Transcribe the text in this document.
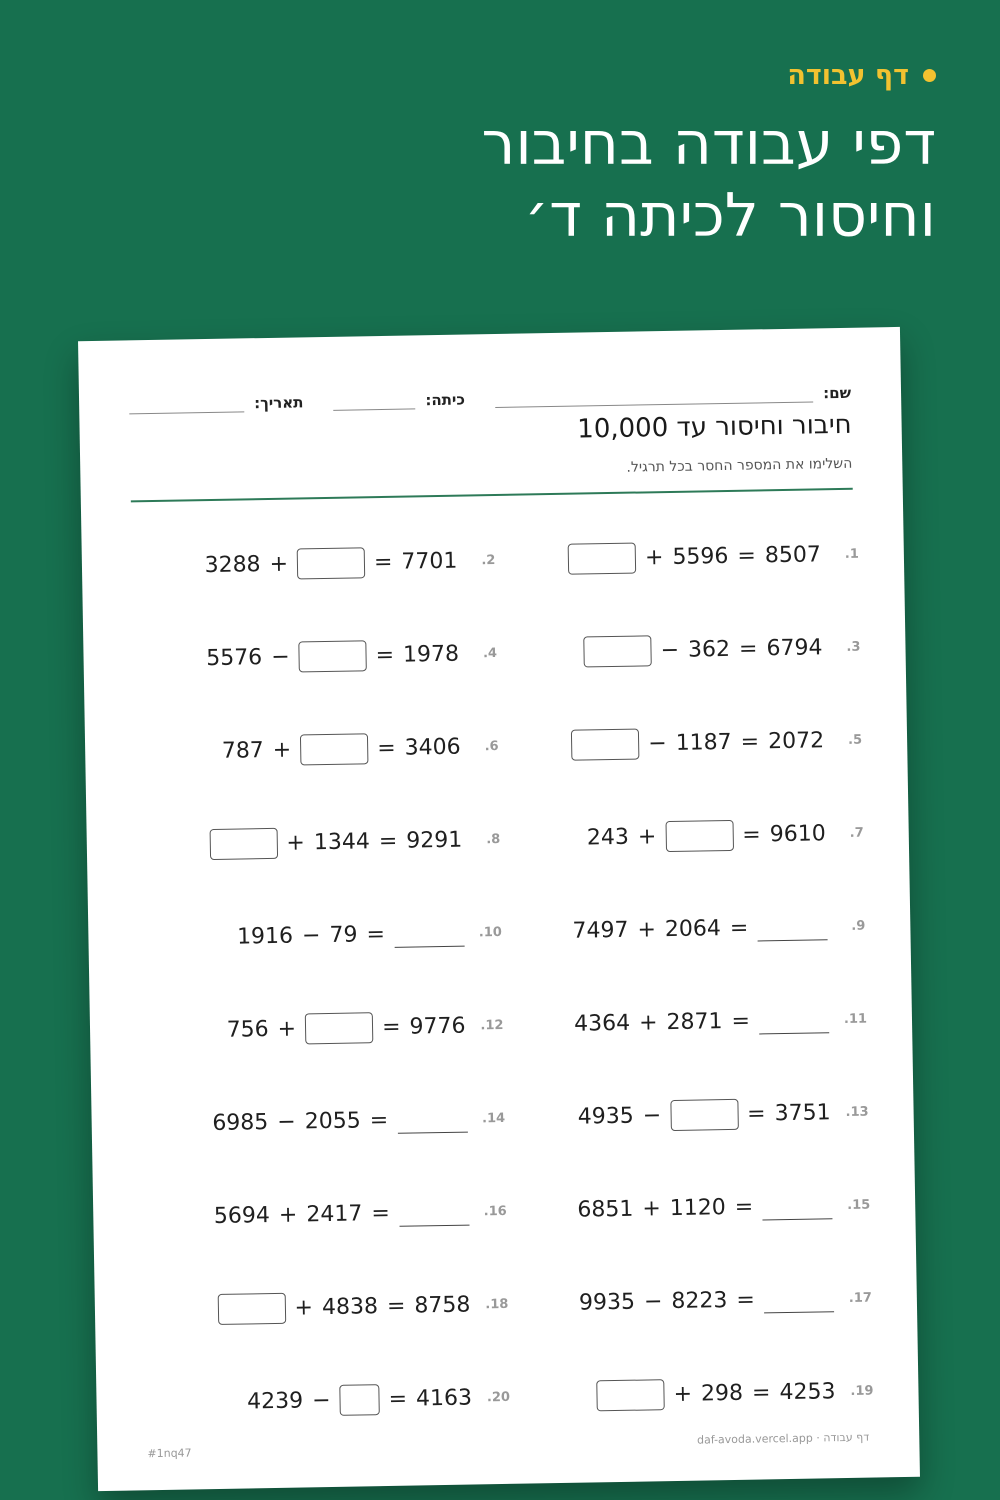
דף עבודה
דפי עבודה בחיבור
וחיסור לכיתה ד׳
שם:
כיתה:
תאריך:
חיבור וחיסור עד 10,000
השלימו את המספר החסר בכל תרגיל.
1.
+ 5596 = 8507
2.
3288 +	= 7701
3.
− 362 = 6794
4.
5576 −	= 1978
5.
− 1187 = 2072
6.
787 +	= 3406
7.
243 +	= 9610
8.
+ 1344 = 9291
9.
7497 + 2064 =
10.
1916 − 79 =
11.
4364 + 2871 =
12.
756 +	= 9776
13.
4935 −	= 3751
14.
6985 − 2055 =
15.
6851 + 1120 =
16.
5694 + 2417 =
17.
9935 − 8223 =
18.
+ 4838 = 8758
19.
+ 298 = 4253
20.
4239 −	= 4163
דף עבודה · daf-avoda.vercel.app
#1nq47
